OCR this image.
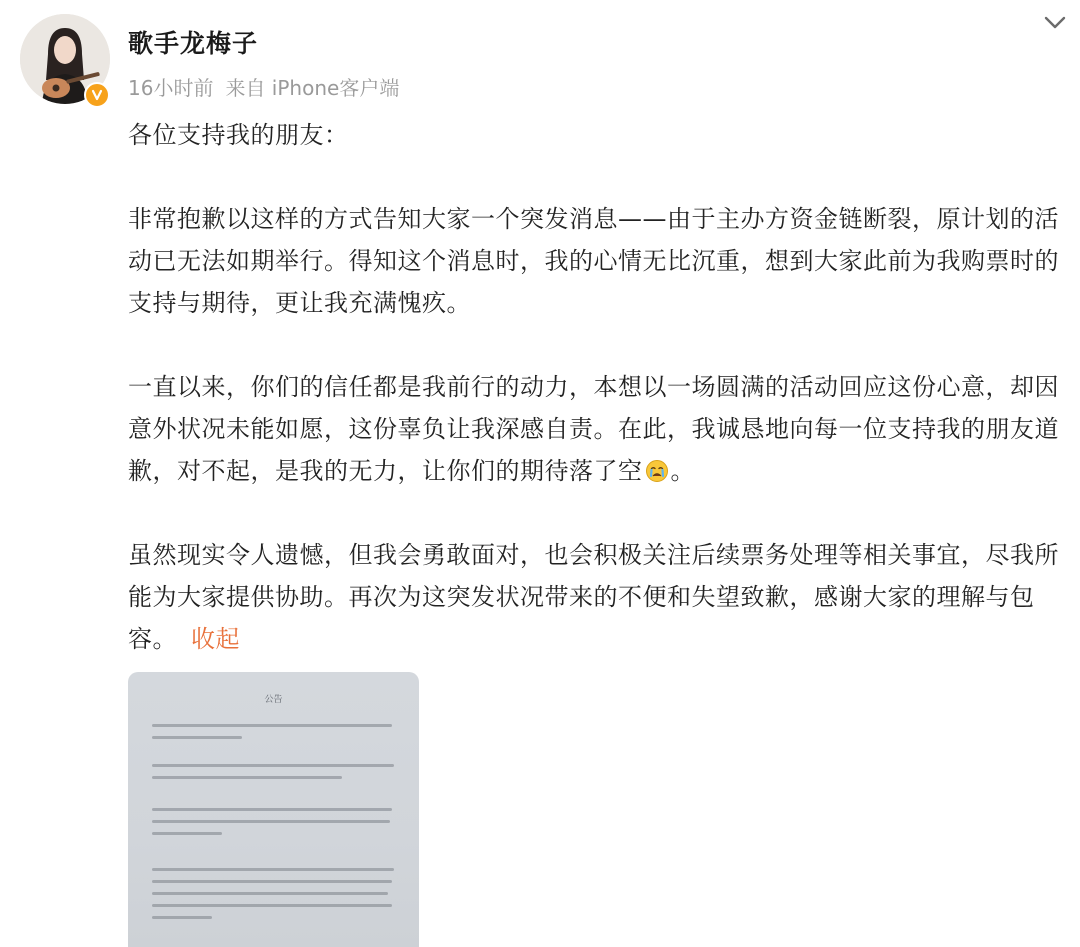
歌手龙梅子
16小时前 来自 iPhone客户端

各位支持我的朋友：

非常抱歉以这样的方式告知大家一个突发消息——由于主办方资金链断裂，原计划的活动已无法如期举行。得知这个消息时，我的心情无比沉重，想到大家此前为我购票时的支持与期待，更让我充满愧疚。

一直以来，你们的信任都是我前行的动力，本想以一场圆满的活动回应这份心意，却因意外状况未能如愿，这份辜负让我深感自责。在此，我诚恳地向每一位支持我的朋友道歉，对不起，是我的无力，让你们的期待落了空 。

虽然现实令人遗憾，但我会勇敢面对，也会积极关注后续票务处理等相关事宜，尽我所能为大家提供协助。再次为这突发状况带来的不便和失望致歉，感谢大家的理解与包容。 收起

公告
